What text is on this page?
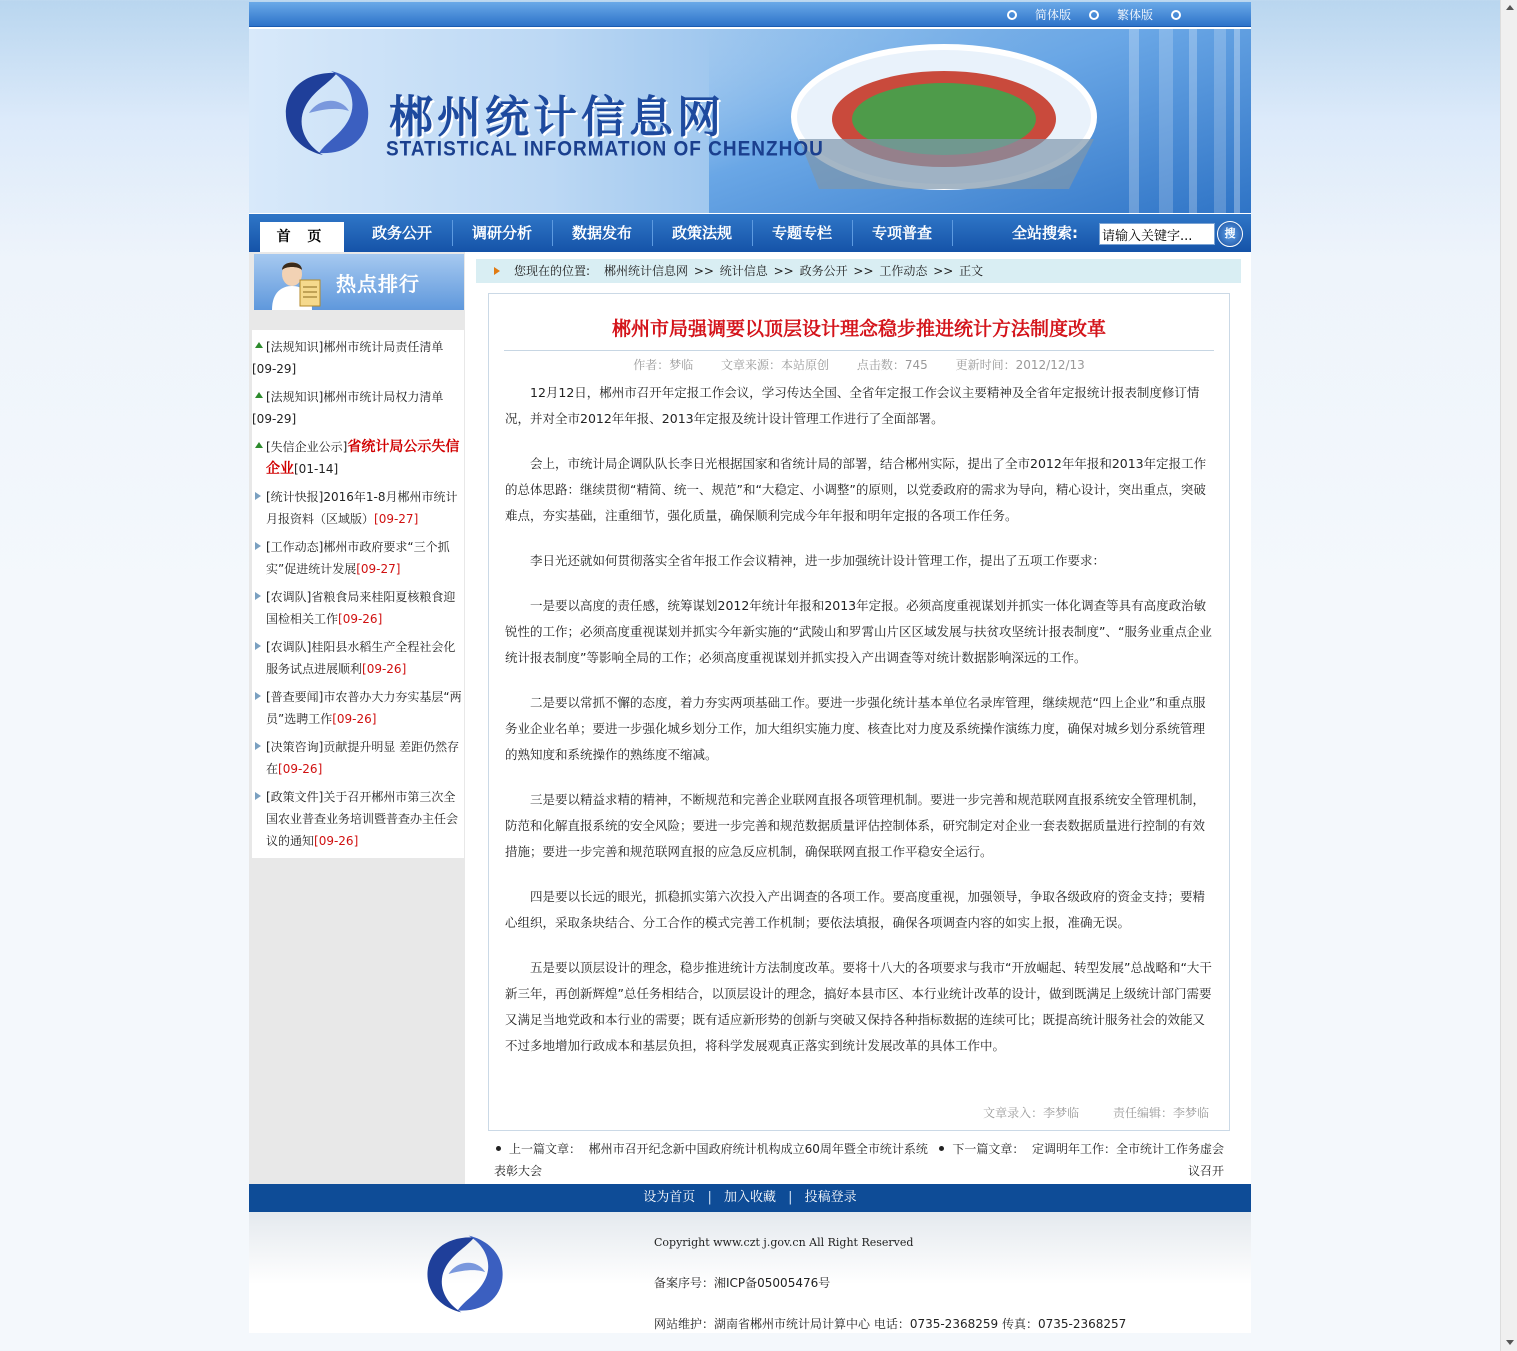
简体版	繁体版
郴州统计信息网
STATISTICAL INFORMATION OF CHENZHOU
首 页	政务公开	调研分析	数据发布	政策法规	专题专栏	专项普查	全站搜索:
请输入关键字...	搜
热点排行
[法规知识]郴州市统计局责任清单
[09-29]
[法规知识]郴州市统计局权力清单
[09-29]
[失信企业公示]省统计局公示失信企业[01-14]
[统计快报]2016年1-8月郴州市统计月报资料（区域版）[09-27]
[工作动态]郴州市政府要求“三个抓实”促进统计发展[09-27]
[农调队]省粮食局来桂阳夏核粮食迎国检相关工作[09-26]
[农调队]桂阳县水稻生产全程社会化服务试点进展顺利[09-26]
[普查要闻]市农普办大力夯实基层“两员”选聘工作[09-26]
[决策咨询]贡献提升明显 差距仍然存在[09-26]
[政策文件]关于召开郴州市第三次全国农业普查业务培训暨普查办主任会议的通知[09-26]
您现在的位置: 郴州统计信息网 >> 统计信息 >> 政务公开 >> 工作动态 >> 正文
郴州市局强调要以顶层设计理念稳步推进统计方法制度改革
作者：梦临 文章来源：本站原创 点击数：745 更新时间：2012/12/13

12月12日，郴州市召开年定报工作会议，学习传达全国、全省年定报工作会议主要精神及全省年定报统计报表制度修订情况，并对全市2012年年报、2013年定报及统计设计管理工作进行了全面部署。

会上，市统计局企调队队长李日光根据国家和省统计局的部署，结合郴州实际，提出了全市2012年年报和2013年定报工作的总体思路：继续贯彻“精简、统一、规范”和“大稳定、小调整”的原则，以党委政府的需求为导向，精心设计，突出重点，突破难点，夯实基础，注重细节，强化质量，确保顺利完成今年年报和明年定报的各项工作任务。

李日光还就如何贯彻落实全省年报工作会议精神，进一步加强统计设计管理工作，提出了五项工作要求：

一是要以高度的责任感，统筹谋划2012年统计年报和2013年定报。必须高度重视谋划并抓实一体化调查等具有高度政治敏锐性的工作；必须高度重视谋划并抓实今年新实施的“武陵山和罗霄山片区区域发展与扶贫攻坚统计报表制度”、“服务业重点企业统计报表制度”等影响全局的工作；必须高度重视谋划并抓实投入产出调查等对统计数据影响深远的工作。

二是要以常抓不懈的态度，着力夯实两项基础工作。要进一步强化统计基本单位名录库管理，继续规范“四上企业”和重点服务业企业名单；要进一步强化城乡划分工作，加大组织实施力度、核查比对力度及系统操作演练力度，确保对城乡划分系统管理的熟知度和系统操作的熟练度不缩减。

三是要以精益求精的精神，不断规范和完善企业联网直报各项管理机制。要进一步完善和规范联网直报系统安全管理机制，防范和化解直报系统的安全风险；要进一步完善和规范数据质量评估控制体系，研究制定对企业一套表数据质量进行控制的有效措施；要进一步完善和规范联网直报的应急反应机制，确保联网直报工作平稳安全运行。

四是要以长远的眼光，抓稳抓实第六次投入产出调查的各项工作。要高度重视，加强领导，争取各级政府的资金支持；要精心组织，采取条块结合、分工合作的模式完善工作机制；要依法填报，确保各项调查内容的如实上报，准确无误。

五是要以顶层设计的理念，稳步推进统计方法制度改革。要将十八大的各项要求与我市“开放崛起、转型发展”总战略和“大干新三年，再创新辉煌”总任务相结合，以顶层设计的理念，搞好本县市区、本行业统计改革的设计，做到既满足上级统计部门需要又满足当地党政和本行业的需要；既有适应新形势的创新与突破又保持各种指标数据的连续可比；既提高统计服务社会的效能又不过多地增加行政成本和基层负担，将科学发展观真正落实到统计发展改革的具体工作中。

文章录入：李梦临	责任编辑：李梦临
上一篇文章： 郴州市召开纪念新中国政府统计机构成立60周年暨全市统计系统表彰大会
下一篇文章： 定调明年工作：全市统计工作务虚会议召开
设为首页 | 加入收藏 | 投稿登录
Copyright www.czt j.gov.cn All Right Reserved
备案序号：湘ICP备05005476号
网站维护：湖南省郴州市统计局计算中心 电话：0735-2368259 传真：0735-2368257
